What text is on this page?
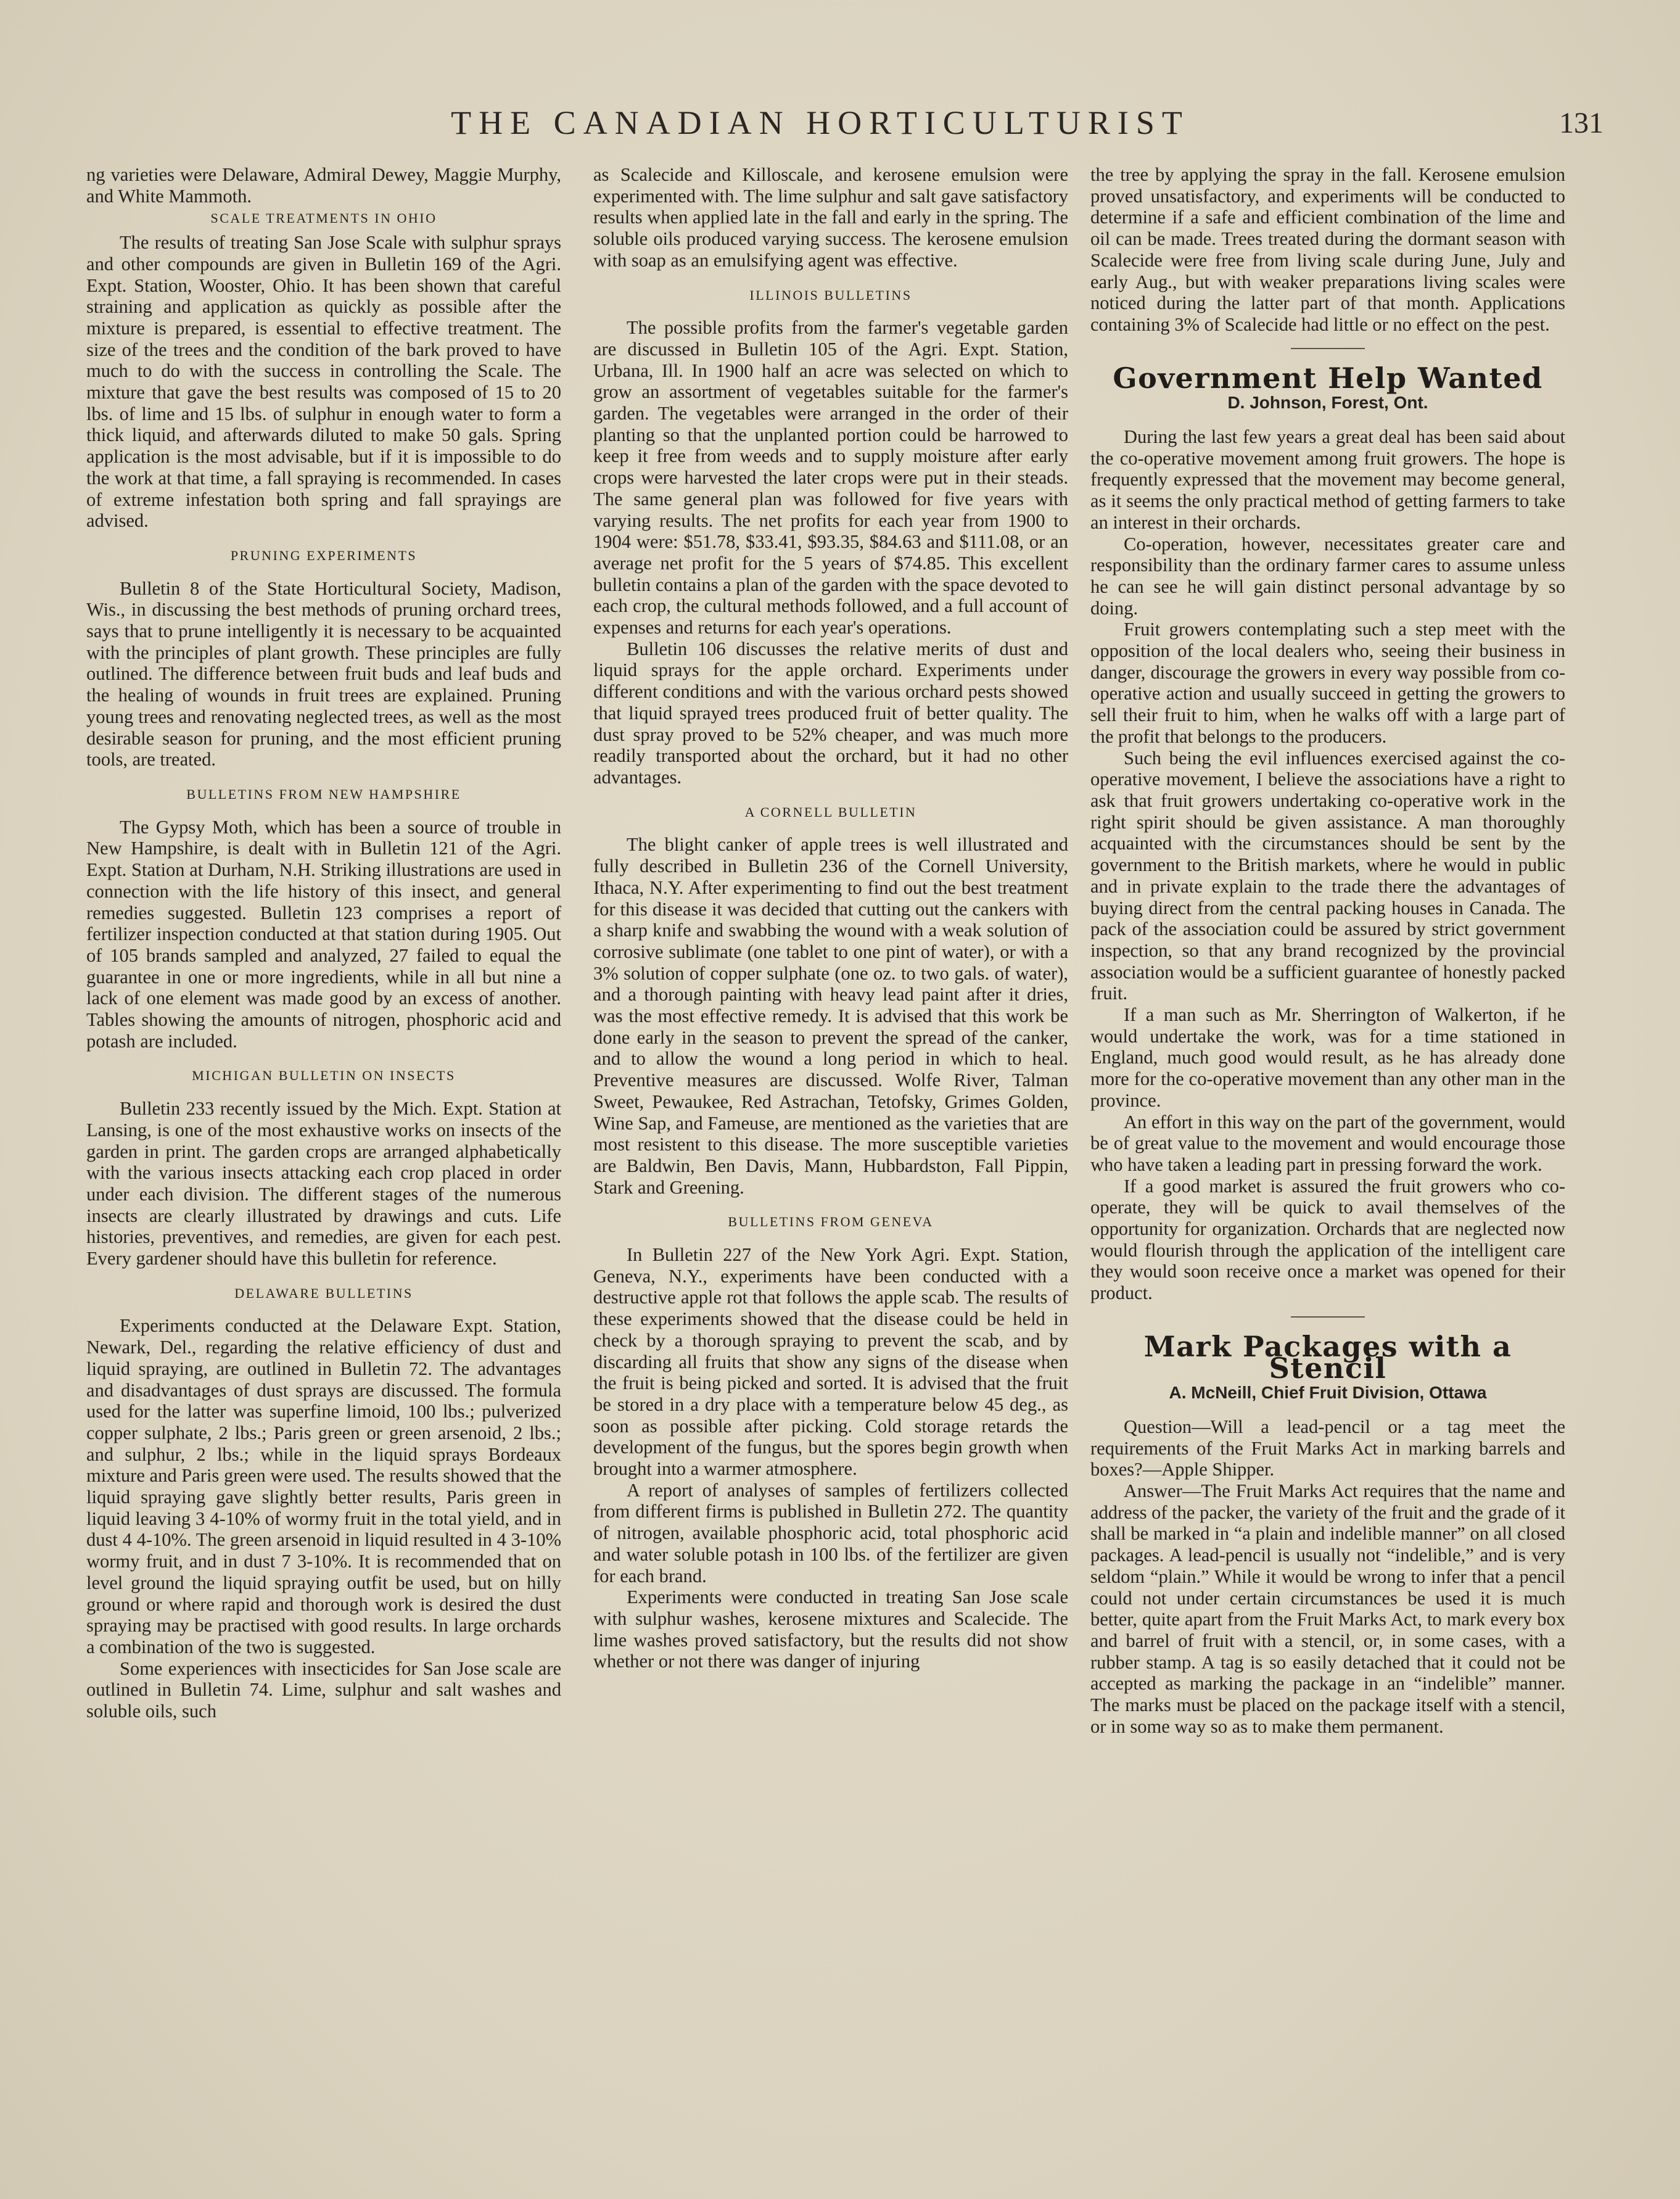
THE CANADIAN HORTICULTURIST	131

ng varieties were Delaware, Admiral Dewey, Maggie Murphy, and White Mammoth.

SCALE TREATMENTS IN OHIO

The results of treating San Jose Scale with sulphur sprays and other compounds are given in Bulletin 169 of the Agri. Expt. Station, Wooster, Ohio. It has been shown that careful straining and application as quickly as possible after the mixture is prepared, is essential to effective treatment. The size of the trees and the condition of the bark proved to have much to do with the success in controlling the Scale. The mixture that gave the best results was composed of 15 to 20 lbs. of lime and 15 lbs. of sulphur in enough water to form a thick liquid, and afterwards diluted to make 50 gals. Spring application is the most advisable, but if it is impossible to do the work at that time, a fall spraying is recommended. In cases of extreme infestation both spring and fall sprayings are advised.

PRUNING EXPERIMENTS

Bulletin 8 of the State Horticultural Society, Madison, Wis., in discussing the best methods of pruning orchard trees, says that to prune intelligently it is necessary to be acquainted with the principles of plant growth. These principles are fully outlined. The difference between fruit buds and leaf buds and the healing of wounds in fruit trees are explained. Pruning young trees and renovating neglected trees, as well as the most desirable season for pruning, and the most efficient pruning tools, are treated.

BULLETINS FROM NEW HAMPSHIRE

The Gypsy Moth, which has been a source of trouble in New Hampshire, is dealt with in Bulletin 121 of the Agri. Expt. Station at Durham, N.H. Striking illustrations are used in connection with the life history of this insect, and general remedies suggested. Bulletin 123 comprises a report of fertilizer inspection conducted at that station during 1905. Out of 105 brands sampled and analyzed, 27 failed to equal the guarantee in one or more ingredients, while in all but nine a lack of one element was made good by an excess of another. Tables showing the amounts of nitrogen, phosphoric acid and potash are included.

MICHIGAN BULLETIN ON INSECTS

Bulletin 233 recently issued by the Mich. Expt. Station at Lansing, is one of the most exhaustive works on insects of the garden in print. The garden crops are arranged alphabetically with the various insects attacking each crop placed in order under each division. The different stages of the numerous insects are clearly illustrated by drawings and cuts. Life histories, preventives, and remedies, are given for each pest. Every gardener should have this bulletin for reference.

DELAWARE BULLETINS

Experiments conducted at the Delaware Expt. Station, Newark, Del., regarding the relative efficiency of dust and liquid spraying, are outlined in Bulletin 72. The advantages and disadvantages of dust sprays are discussed. The formula used for the latter was superfine limoid, 100 lbs.; pulverized copper sulphate, 2 lbs.; Paris green or green arsenoid, 2 lbs.; and sulphur, 2 lbs.; while in the liquid sprays Bordeaux mixture and Paris green were used. The results showed that the liquid spraying gave slightly better results, Paris green in liquid leaving 3 4-10% of wormy fruit in the total yield, and in dust 4 4-10%. The green arsenoid in liquid resulted in 4 3-10% wormy fruit, and in dust 7 3-10%. It is recommended that on level ground the liquid spraying outfit be used, but on hilly ground or where rapid and thorough work is desired the dust spraying may be practised with good results. In large orchards a combination of the two is suggested.

Some experiences with insecticides for San Jose scale are outlined in Bulletin 74. Lime, sulphur and salt washes and soluble oils, such

as Scalecide and Killoscale, and kerosene emulsion were experimented with. The lime sulphur and salt gave satisfactory results when applied late in the fall and early in the spring. The soluble oils produced varying success. The kerosene emulsion with soap as an emulsifying agent was effective.

ILLINOIS BULLETINS

The possible profits from the farmer's vegetable garden are discussed in Bulletin 105 of the Agri. Expt. Station, Urbana, Ill. In 1900 half an acre was selected on which to grow an assortment of vegetables suitable for the farmer's garden. The vegetables were arranged in the order of their planting so that the unplanted portion could be harrowed to keep it free from weeds and to supply moisture after early crops were harvested the later crops were put in their steads. The same general plan was followed for five years with varying results. The net profits for each year from 1900 to 1904 were: $51.78, $33.41, $93.35, $84.63 and $111.08, or an average net profit for the 5 years of $74.85. This excellent bulletin contains a plan of the garden with the space devoted to each crop, the cultural methods followed, and a full account of expenses and returns for each year's operations.

Bulletin 106 discusses the relative merits of dust and liquid sprays for the apple orchard. Experiments under different conditions and with the various orchard pests showed that liquid sprayed trees produced fruit of better quality. The dust spray proved to be 52% cheaper, and was much more readily transported about the orchard, but it had no other advantages.

A CORNELL BULLETIN

The blight canker of apple trees is well illustrated and fully described in Bulletin 236 of the Cornell University, Ithaca, N.Y. After experimenting to find out the best treatment for this disease it was decided that cutting out the cankers with a sharp knife and swabbing the wound with a weak solution of corrosive sublimate (one tablet to one pint of water), or with a 3% solution of copper sulphate (one oz. to two gals. of water), and a thorough painting with heavy lead paint after it dries, was the most effective remedy. It is advised that this work be done early in the season to prevent the spread of the canker, and to allow the wound a long period in which to heal. Preventive measures are discussed. Wolfe River, Talman Sweet, Pewaukee, Red Astrachan, Tetofsky, Grimes Golden, Wine Sap, and Fameuse, are mentioned as the varieties that are most resistent to this disease. The more susceptible varieties are Baldwin, Ben Davis, Mann, Hubbardston, Fall Pippin, Stark and Greening.

BULLETINS FROM GENEVA

In Bulletin 227 of the New York Agri. Expt. Station, Geneva, N.Y., experiments have been conducted with a destructive apple rot that follows the apple scab. The results of these experiments showed that the disease could be held in check by a thorough spraying to prevent the scab, and by discarding all fruits that show any signs of the disease when the fruit is being picked and sorted. It is advised that the fruit be stored in a dry place with a temperature below 45 deg., as soon as possible after picking. Cold storage retards the development of the fungus, but the spores begin growth when brought into a warmer atmosphere.

A report of analyses of samples of fertilizers collected from different firms is published in Bulletin 272. The quantity of nitrogen, available phosphoric acid, total phosphoric acid and water soluble potash in 100 lbs. of the fertilizer are given for each brand.

Experiments were conducted in treating San Jose scale with sulphur washes, kerosene mixtures and Scalecide. The lime washes proved satisfactory, but the results did not show whether or not there was danger of injuring

the tree by applying the spray in the fall. Kerosene emulsion proved unsatisfactory, and experiments will be conducted to determine if a safe and efficient combination of the lime and oil can be made. Trees treated during the dormant season with Scalecide were free from living scale during June, July and early Aug., but with weaker preparations living scales were noticed during the latter part of that month. Applications containing 3% of Scalecide had little or no effect on the pest.

Government Help Wanted
D. Johnson, Forest, Ont.

During the last few years a great deal has been said about the co-operative movement among fruit growers. The hope is frequently expressed that the movement may become general, as it seems the only practical method of getting farmers to take an interest in their orchards.

Co-operation, however, necessitates greater care and responsibility than the ordinary farmer cares to assume unless he can see he will gain distinct personal advantage by so doing.

Fruit growers contemplating such a step meet with the opposition of the local dealers who, seeing their business in danger, discourage the growers in every way possible from co-operative action and usually succeed in getting the growers to sell their fruit to him, when he walks off with a large part of the profit that belongs to the producers.

Such being the evil influences exercised against the co-operative movement, I believe the associations have a right to ask that fruit growers undertaking co-operative work in the right spirit should be given assistance. A man thoroughly acquainted with the circumstances should be sent by the government to the British markets, where he would in public and in private explain to the trade there the advantages of buying direct from the central packing houses in Canada. The pack of the association could be assured by strict government inspection, so that any brand recognized by the provincial association would be a sufficient guarantee of honestly packed fruit.

If a man such as Mr. Sherrington of Walkerton, if he would undertake the work, was for a time stationed in England, much good would result, as he has already done more for the co-operative movement than any other man in the province.

An effort in this way on the part of the government, would be of great value to the movement and would encourage those who have taken a leading part in pressing forward the work.

If a good market is assured the fruit growers who co-operate, they will be quick to avail themselves of the opportunity for organization. Orchards that are neglected now would flourish through the application of the intelligent care they would soon receive once a market was opened for their product.

Mark Packages with a Stencil
A. McNeill, Chief Fruit Division, Ottawa

Question—Will a lead-pencil or a tag meet the requirements of the Fruit Marks Act in marking barrels and boxes?—Apple Shipper.

Answer—The Fruit Marks Act requires that the name and address of the packer, the variety of the fruit and the grade of it shall be marked in “a plain and indelible manner” on all closed packages. A lead-pencil is usually not “indelible,” and is very seldom “plain.” While it would be wrong to infer that a pencil could not under certain circumstances be used it is much better, quite apart from the Fruit Marks Act, to mark every box and barrel of fruit with a stencil, or, in some cases, with a rubber stamp. A tag is so easily detached that it could not be accepted as marking the package in an “indelible” manner. The marks must be placed on the package itself with a stencil, or in some way so as to make them permanent.
